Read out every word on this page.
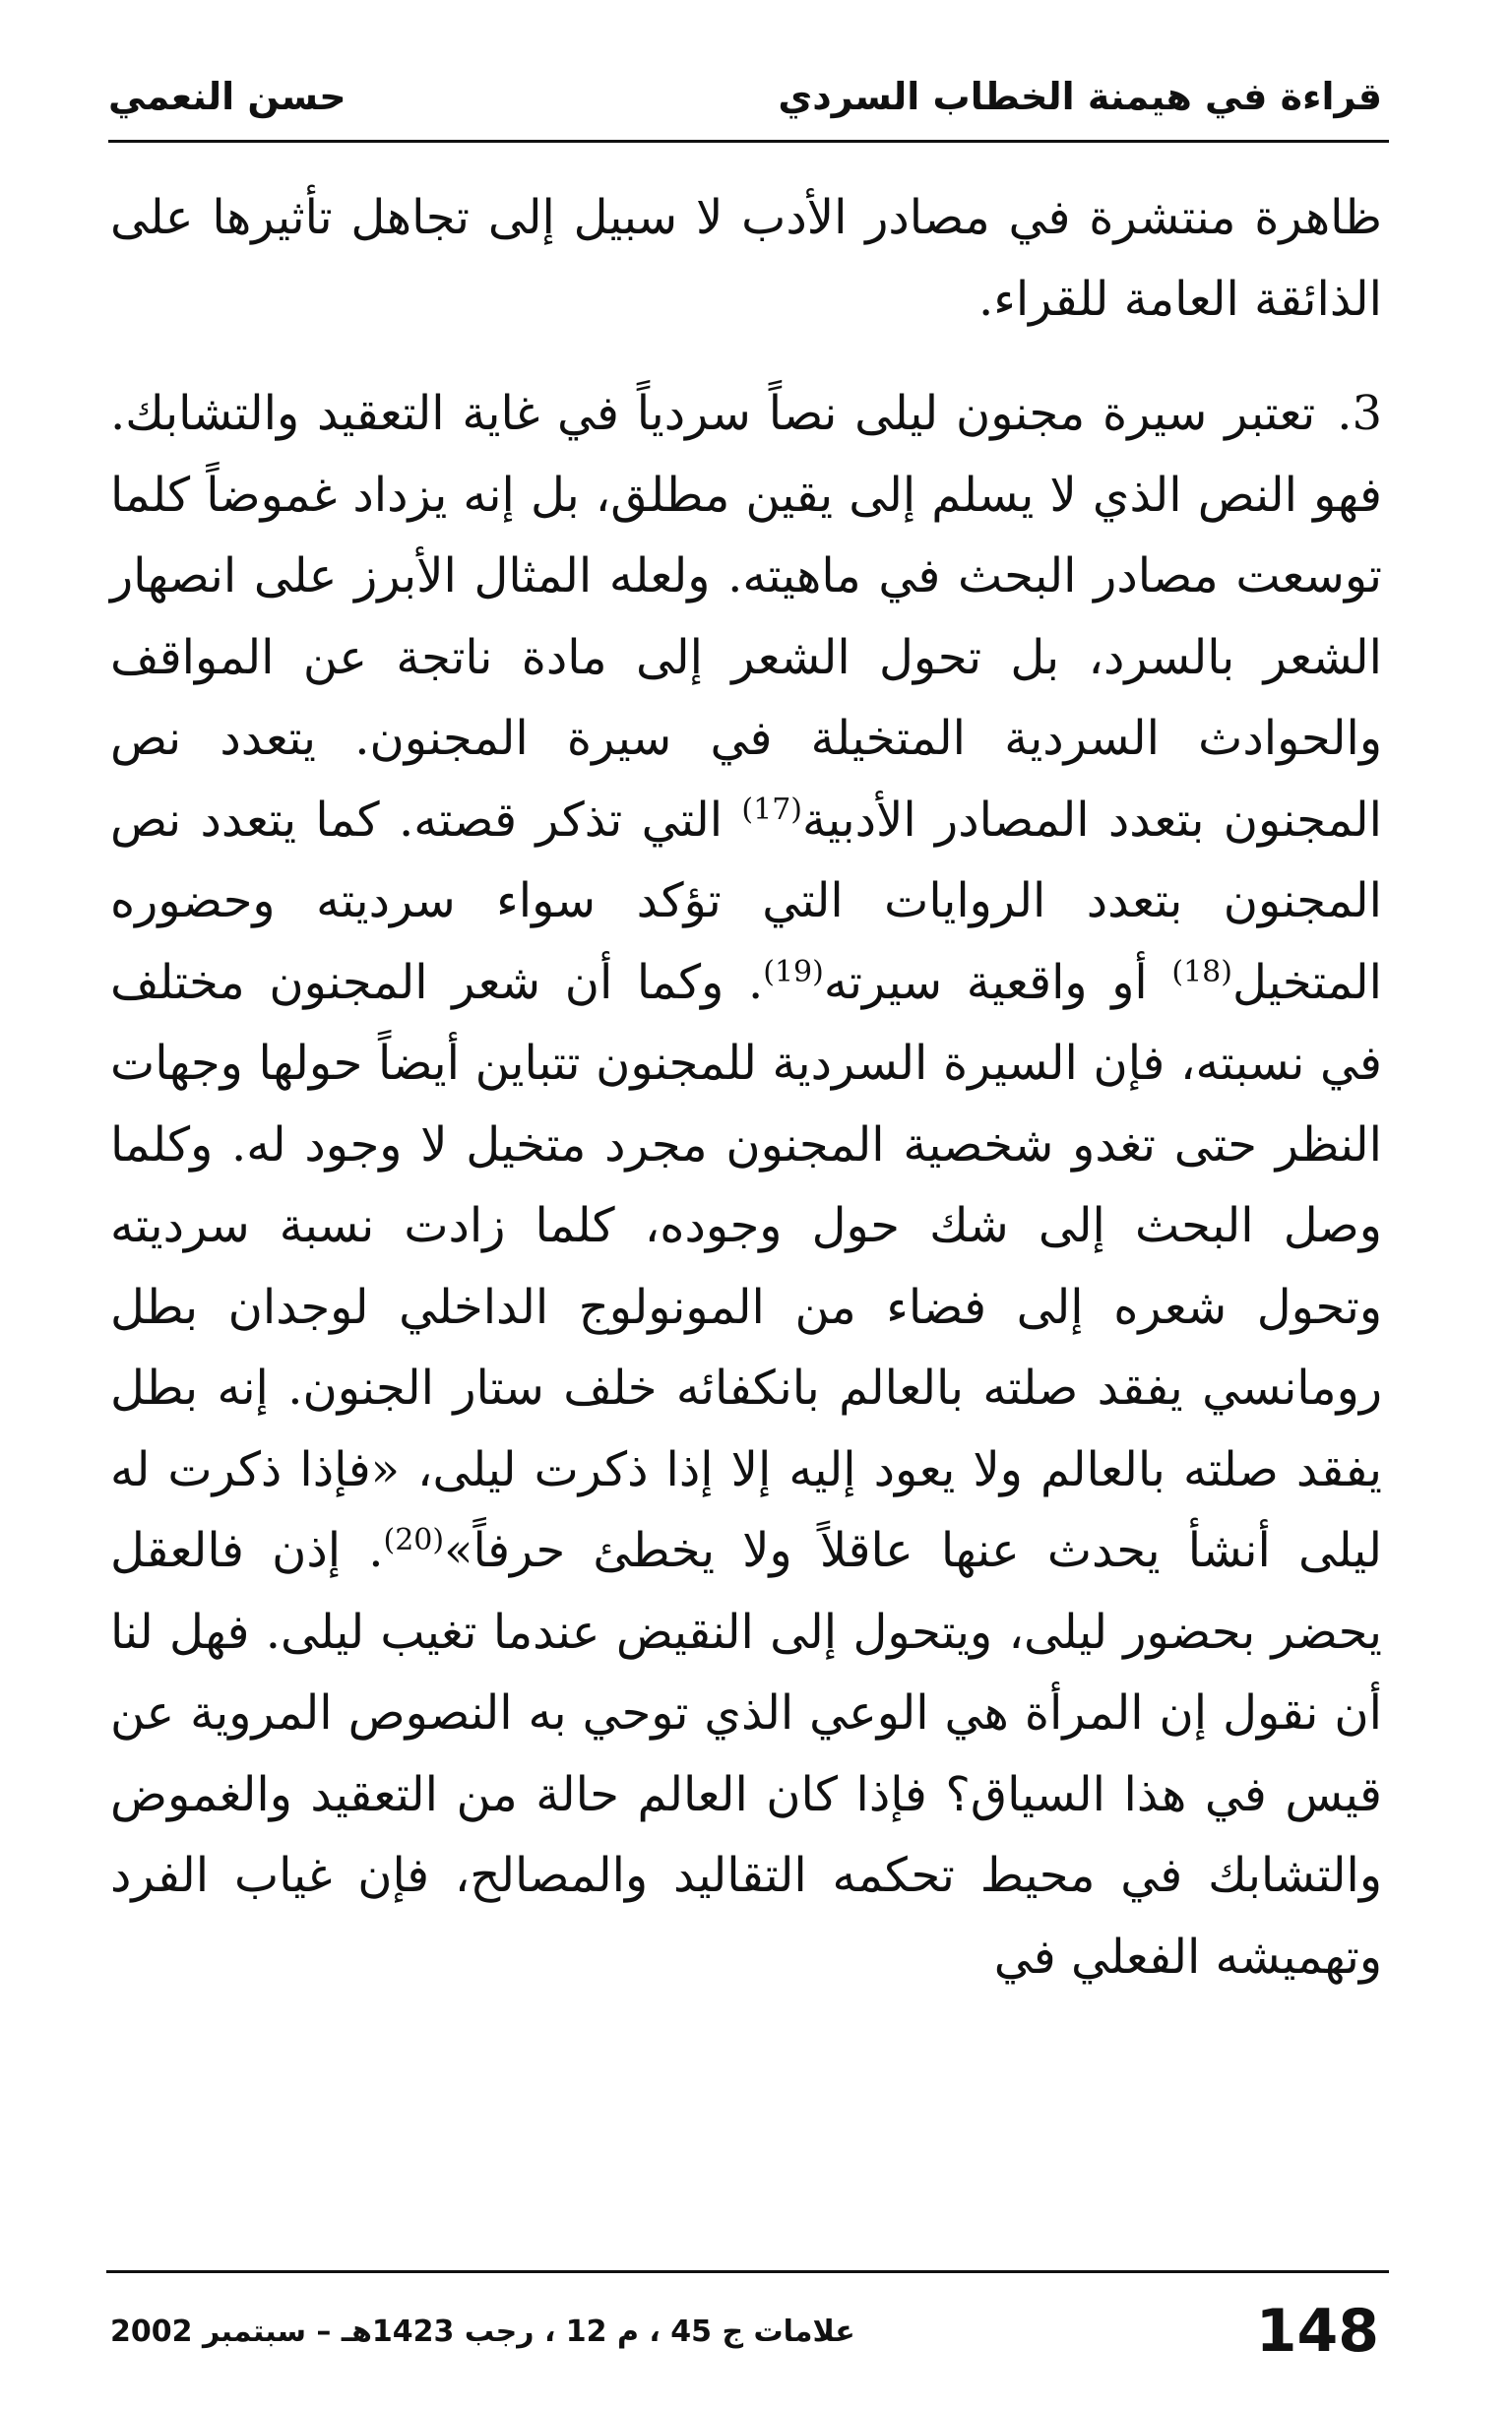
قراءة في هيمنة الخطاب السردي
حسن النعمي

ظاهرة منتشرة في مصادر الأدب لا سبيل إلى تجاهل تأثيرها على الذائقة العامة للقراء.

3.تعتبر سيرة مجنون ليلى نصاً سردياً في غاية التعقيد والتشابك. فهو النص الذي لا يسلم إلى يقين مطلق، بل إنه يزداد غموضاً كلما توسعت مصادر البحث في ماهيته. ولعله المثال الأبرز على انصهار الشعر بالسرد، بل تحول الشعر إلى مادة ناتجة عن المواقف والحوادث السردية المتخيلة في سيرة المجنون. يتعدد نص المجنون بتعدد المصادر الأدبية$^{(17)}$ التي تذكر قصته. كما يتعدد نص المجنون بتعدد الروايات التي تؤكد سواء سرديته وحضوره المتخيل$^{(18)}$ أو واقعية سيرته$^{(19)}$. وكما أن شعر المجنون مختلف في نسبته، فإن السيرة السردية للمجنون تتباين أيضاً حولها وجهات النظر حتى تغدو شخصية المجنون مجرد متخيل لا وجود له. وكلما وصل البحث إلى شك حول وجوده، كلما زادت نسبة سرديته وتحول شعره إلى فضاء من المونولوج الداخلي لوجدان بطل رومانسي يفقد صلته بالعالم بانكفائه خلف ستار الجنون. إنه بطل يفقد صلته بالعالم ولا يعود إليه إلا إذا ذكرت ليلى، «فإذا ذكرت له ليلى أنشأ يحدث عنها عاقلاً ولا يخطئ حرفاً»$^{(20)}$. إذن فالعقل يحضر بحضور ليلى، ويتحول إلى النقيض عندما تغيب ليلى. فهل لنا أن نقول إن المرأة هي الوعي الذي توحي به النصوص المروية عن قيس في هذا السياق؟ فإذا كان العالم حالة من التعقيد والغموض والتشابك في محيط تحكمه التقاليد والمصالح، فإن غياب الفرد وتهميشه الفعلي في

148
علامات ج 45 ، م 12 ، رجب 1423هـ – سبتمبر 2002
